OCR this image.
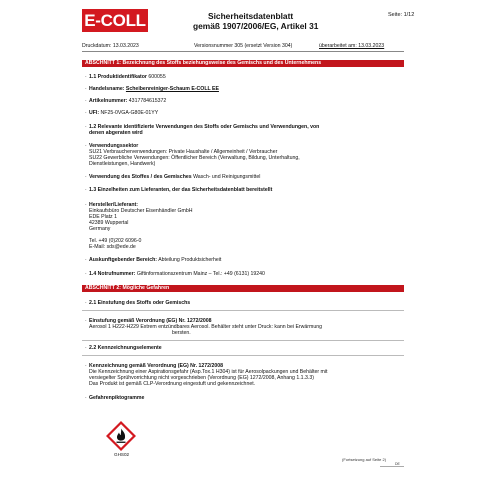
E-COLL	Sicherheitsdatenblatt
gemäß 1907/2006/EG, Artikel 31
Seite: 1/12
Druckdatum: 13.03.2023	Versionsnummer 305 (ersetzt Version 304)	überarbeitet am: 13.03.2023
ABSCHNITT 1: Bezeichnung des Stoffs beziehungsweise des Gemischs und des Unternehmens
· 1.1 Produktidentifikator 600055
· Handelsname: Scheibenreiniger-Schaum E-COLL EE
· Artikelnummer: 4317784615372
· UFI: NF25-0VGA-G80E-01YY
· 1.2 Relevante identifizierte Verwendungen des Stoffs oder Gemischs und Verwendungen, von
denen abgeraten wird
· Verwendungssektor
SU21 Verbraucherverwendungen: Private Haushalte / Allgemeinheit / Verbraucher
SU22 Gewerbliche Verwendungen: Öffentlicher Bereich (Verwaltung, Bildung, Unterhaltung,
Dienstleistungen, Handwerk)
· Verwendung des Stoffes / des Gemisches Wasch- und Reinigungsmittel
· 1.3 Einzelheiten zum Lieferanten, der das Sicherheitsdatenblatt bereitstellt
· Hersteller/Lieferant:
Einkaufsbüro Deutscher Eisenhändler GmbH
EDE Platz 1
42389 Wuppertal
Germany
Tel. +49 (0)202 6096-0
E-Mail: sds@ede.de
· Auskunftgebender Bereich: Abteilung Produktsicherheit
· 1.4 Notrufnummer: Giftinformationszentrum Mainz – Tel.: +49 (6131) 19240
ABSCHNITT 2: Mögliche Gefahren
· 2.1 Einstufung des Stoffs oder Gemischs
· Einstufung gemäß Verordnung (EG) Nr. 1272/2008
Aerosol 1 H222-H229 Extrem entzündbares Aerosol. Behälter steht unter Druck: kann bei Erwärmung
bersten.
· 2.2 Kennzeichnungselemente
· Kennzeichnung gemäß Verordnung (EG) Nr. 1272/2008
Die Kennzeichnung einer Aspirationsgefahr (Asp.Tox.1 H304) ist für Aerosolpackungen und Behälter mit
versiegelter Sprühvorrichtung nicht vorgeschrieben (Verordnung (EG) 1272/2008, Anhang 1.1.3.3)
Das Produkt ist gemäß CLP-Verordnung eingestuft und gekennzeichnet.
· Gefahrenpiktogramme
GHS02
(Fortsetzung auf Seite 2)
DE
